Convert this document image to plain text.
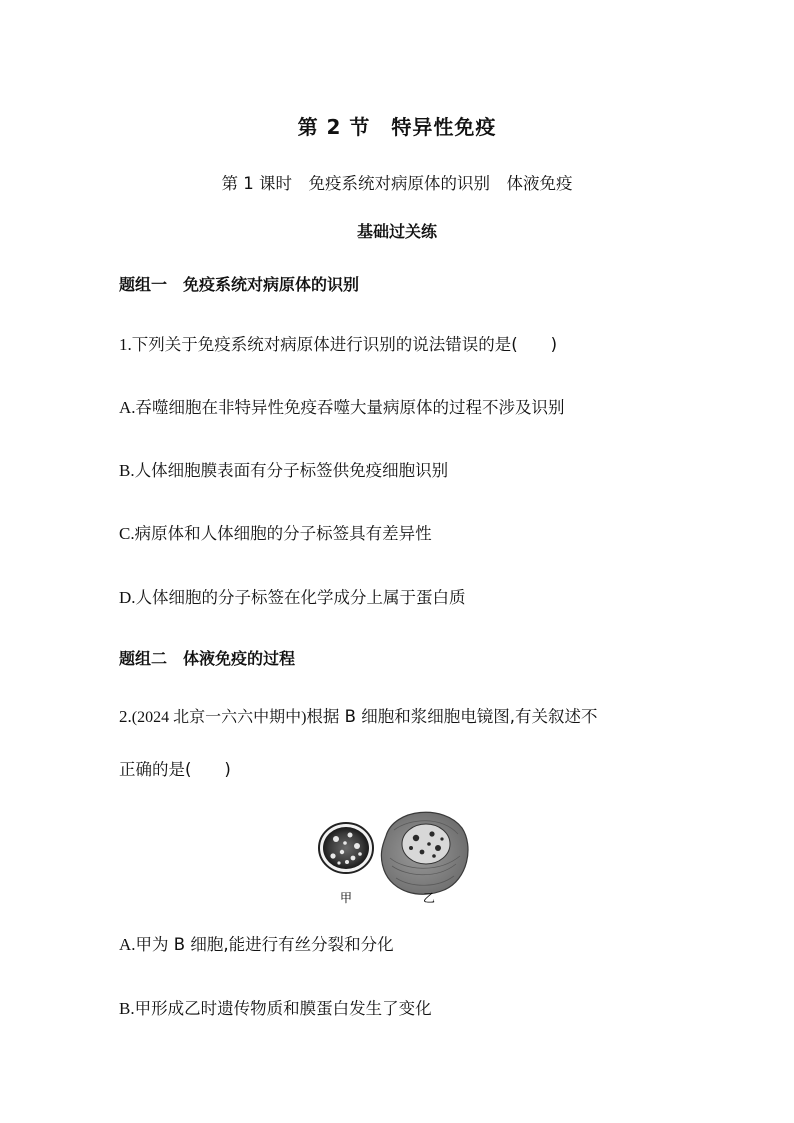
第 2 节　特异性免疫
第 1 课时　免疫系统对病原体的识别　体液免疫
基础过关练
题组一　免疫系统对病原体的识别
1.下列关于免疫系统对病原体进行识别的说法错误的是(　　)
A.吞噬细胞在非特异性免疫吞噬大量病原体的过程不涉及识别
B.人体细胞膜表面有分子标签供免疫细胞识别
C.病原体和人体细胞的分子标签具有差异性
D.人体细胞的分子标签在化学成分上属于蛋白质
题组二　体液免疫的过程
2.(2024 北京一六六中期中)根据 B 细胞和浆细胞电镜图,有关叙述不
正确的是(　　)
甲	乙
A.甲为 B 细胞,能进行有丝分裂和分化
B.甲形成乙时遗传物质和膜蛋白发生了变化
